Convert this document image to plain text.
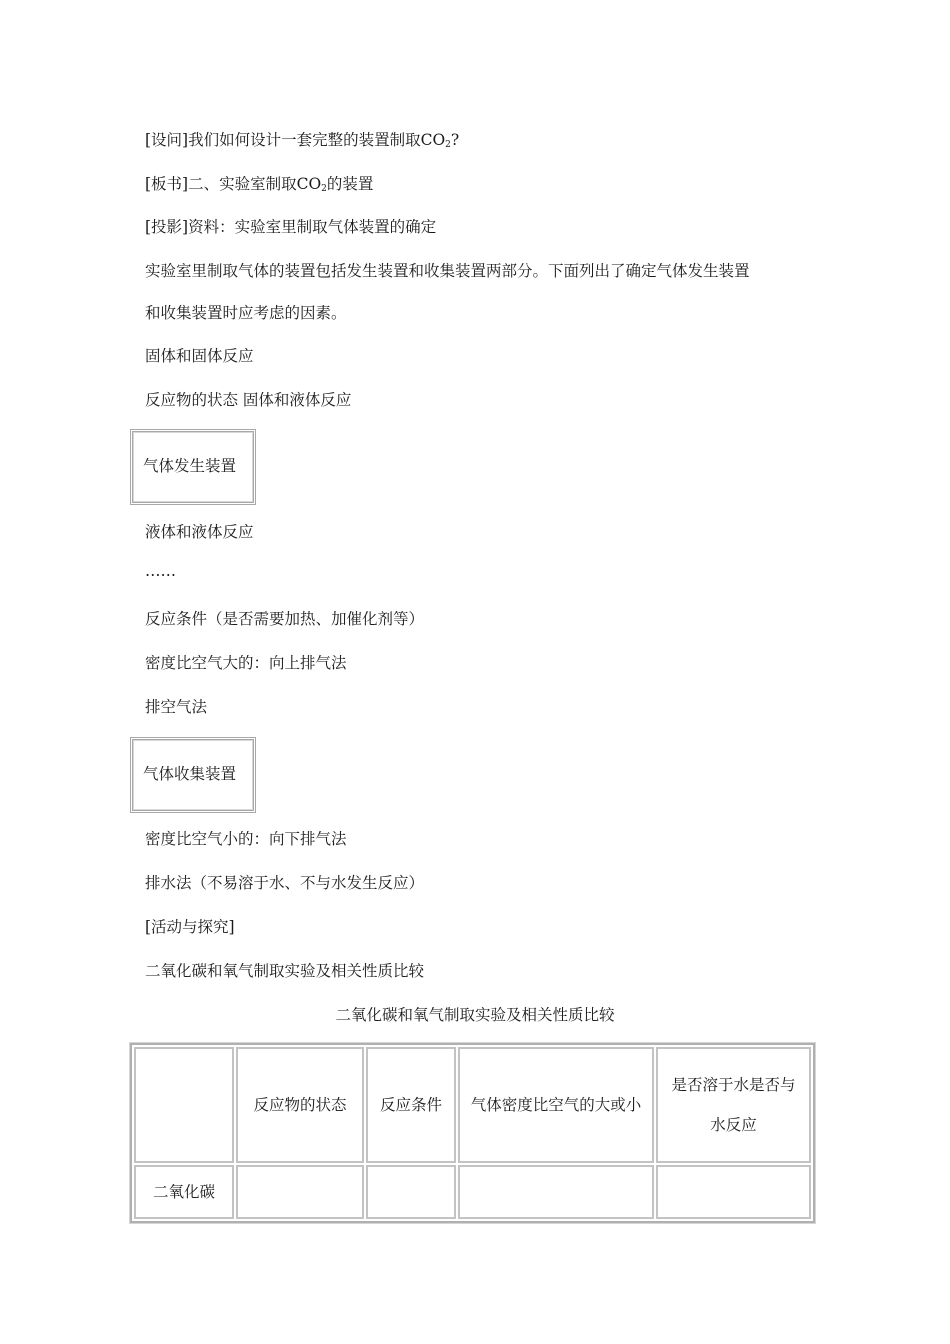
[设问]我们如何设计一套完整的装置制取$CO_2$?
[板书]二、实验室制取$CO_2$的装置
[投影]资料：实验室里制取气体装置的确定
实验室里制取气体的装置包括发生装置和收集装置两部分。下面列出了确定气体发生装置
和收集装置时应考虑的因素。
固体和固体反应
反应物的状态 固体和液体反应
气体发生装置
液体和液体反应
……
反应条件（是否需要加热、加催化剂等）
密度比空气大的：向上排气法
排空气法
气体收集装置
密度比空气小的：向下排气法
排水法（不易溶于水、不与水发生反应）
[活动与探究]
二氧化碳和氧气制取实验及相关性质比较
二氧化碳和氧气制取实验及相关性质比较
	反应物的状态	反应条件	气体密度比空气的大或小	是否溶于水是否与水反应
二氧化碳				
